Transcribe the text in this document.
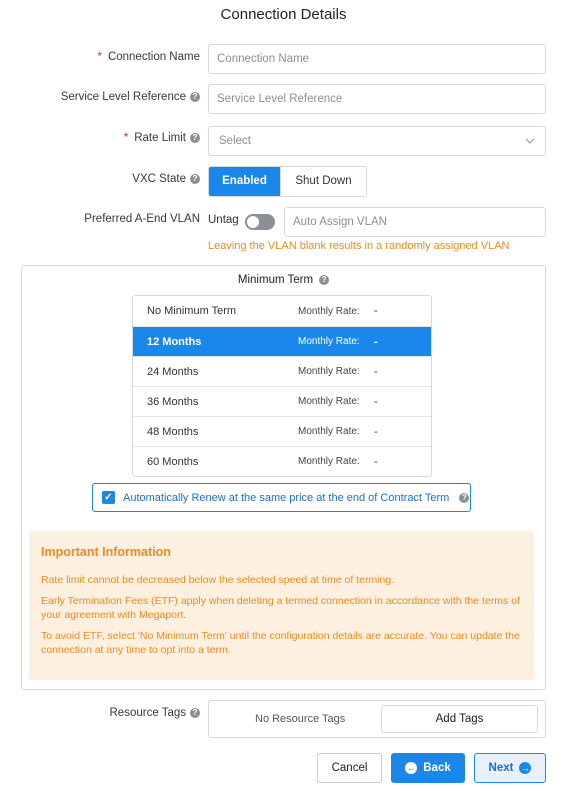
Connection Details
* Connection Name
Connection Name
Service Level Reference ?
Service Level Reference
* Rate Limit ? Select
VXC State ?	Enabled	Shut Down
Preferred A-End VLAN Untag
Auto Assign VLAN
Leaving the VLAN blank results in a randomly assigned VLAN
Minimum Term	?
No Minimum Term	Monthly Rate:	-
12 Months	Monthly Rate:	-
24 Months	Monthly Rate:	-
36 Months	Monthly Rate:	-
48 Months	Monthly Rate:	-
60 Months	Monthly Rate:	-
✓ Automatically Renew at the same price at the end of Contract Term	?
Important Information

Rate limit cannot be decreased below the selected speed at time of terming.

Early Termination Fees (ETF) apply when deleting a termed connection in accordance with the terms of your agreement with Megaport.

To avoid ETF, select 'No Minimum Term' until the configuration details are accurate. You can update the connection at any time to opt into a term.

Resource Tags ?
No Resource Tags	Add Tags
Cancel	← Back	Next →
